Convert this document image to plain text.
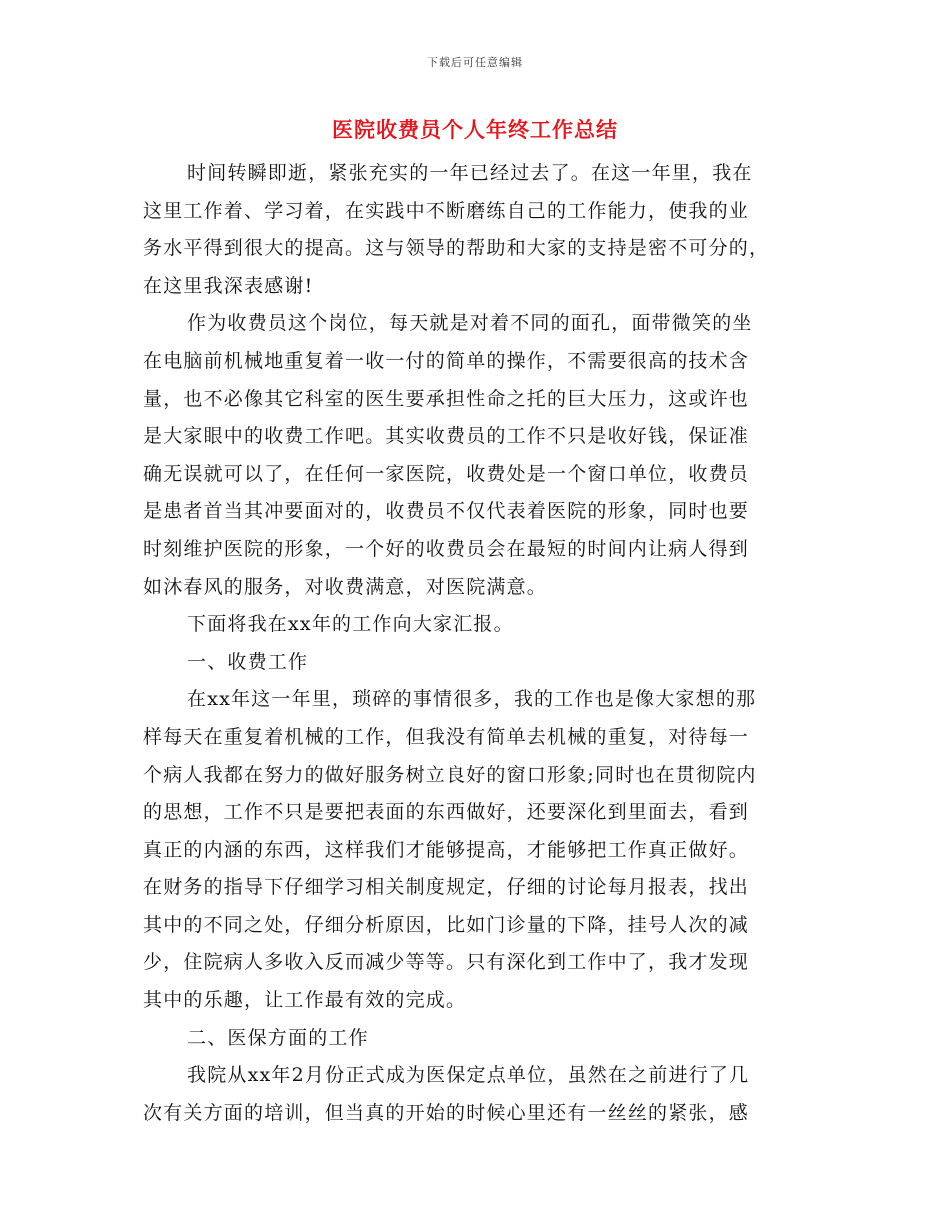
下载后可任意编辑
医院收费员个人年终工作总结
时间转瞬即逝，紧张充实的一年已经过去了。在这一年里，我在
这里工作着、学习着，在实践中不断磨练自己的工作能力，使我的业
务水平得到很大的提高。这与领导的帮助和大家的支持是密不可分的，
在这里我深表感谢!
作为收费员这个岗位，每天就是对着不同的面孔，面带微笑的坐
在电脑前机械地重复着一收一付的简单的操作，不需要很高的技术含
量，也不必像其它科室的医生要承担性命之托的巨大压力，这或许也
是大家眼中的收费工作吧。其实收费员的工作不只是收好钱，保证准
确无误就可以了，在任何一家医院，收费处是一个窗口单位，收费员
是患者首当其冲要面对的，收费员不仅代表着医院的形象，同时也要
时刻维护医院的形象，一个好的收费员会在最短的时间内让病人得到
如沐春风的服务，对收费满意，对医院满意。
下面将我在xx年的工作向大家汇报。
一、收费工作
在xx年这一年里，琐碎的事情很多，我的工作也是像大家想的那
样每天在重复着机械的工作，但我没有简单去机械的重复，对待每一
个病人我都在努力的做好服务树立良好的窗口形象;同时也在贯彻院内
的思想，工作不只是要把表面的东西做好，还要深化到里面去，看到
真正的内涵的东西，这样我们才能够提高，才能够把工作真正做好。
在财务的指导下仔细学习相关制度规定，仔细的讨论每月报表，找出
其中的不同之处，仔细分析原因，比如门诊量的下降，挂号人次的减
少，住院病人多收入反而减少等等。只有深化到工作中了，我才发现
其中的乐趣，让工作最有效的完成。
二、医保方面的工作
我院从xx年2月份正式成为医保定点单位，虽然在之前进行了几
次有关方面的培训，但当真的开始的时候心里还有一丝丝的紧张，感
